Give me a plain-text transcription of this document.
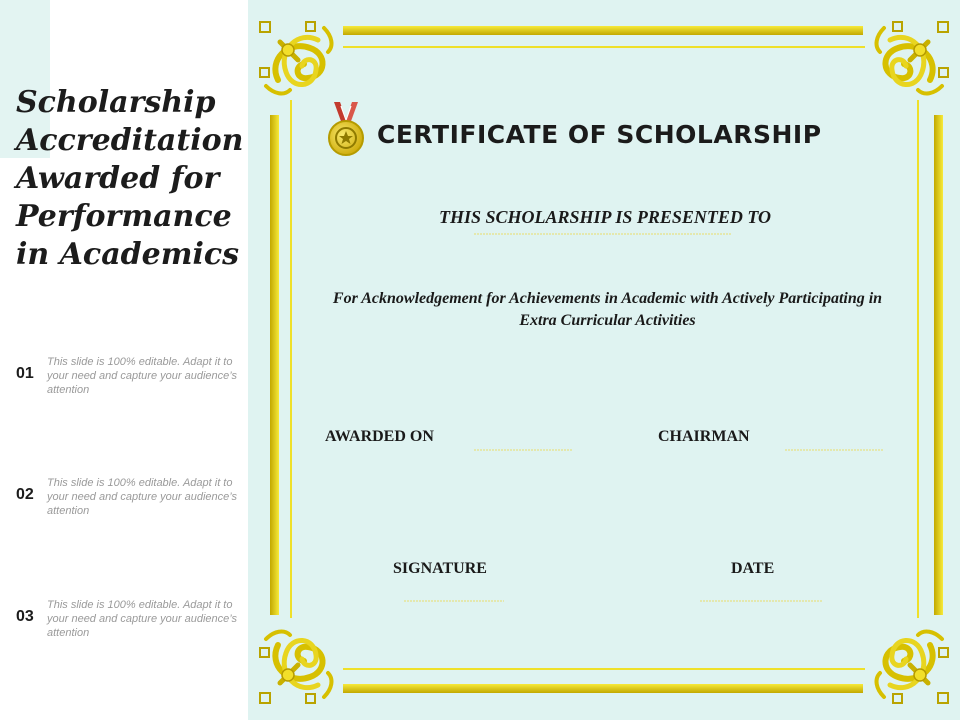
Scholarship Accreditation Awarded for Performance in Academics
01
This slide is 100% editable. Adapt it to your need and capture your audience’s attention
02
This slide is 100% editable. Adapt it to your need and capture your audience’s attention
03
This slide is 100% editable. Adapt it to your need and capture your audience’s attention
CERTIFICATE OF SCHOLARSHIP
THIS SCHOLARSHIP IS PRESENTED TO
For Acknowledgement for Achievements in Academic with Actively Participating in Extra Curricular Activities
AWARDED ON	CHAIRMAN
SIGNATURE	DATE
